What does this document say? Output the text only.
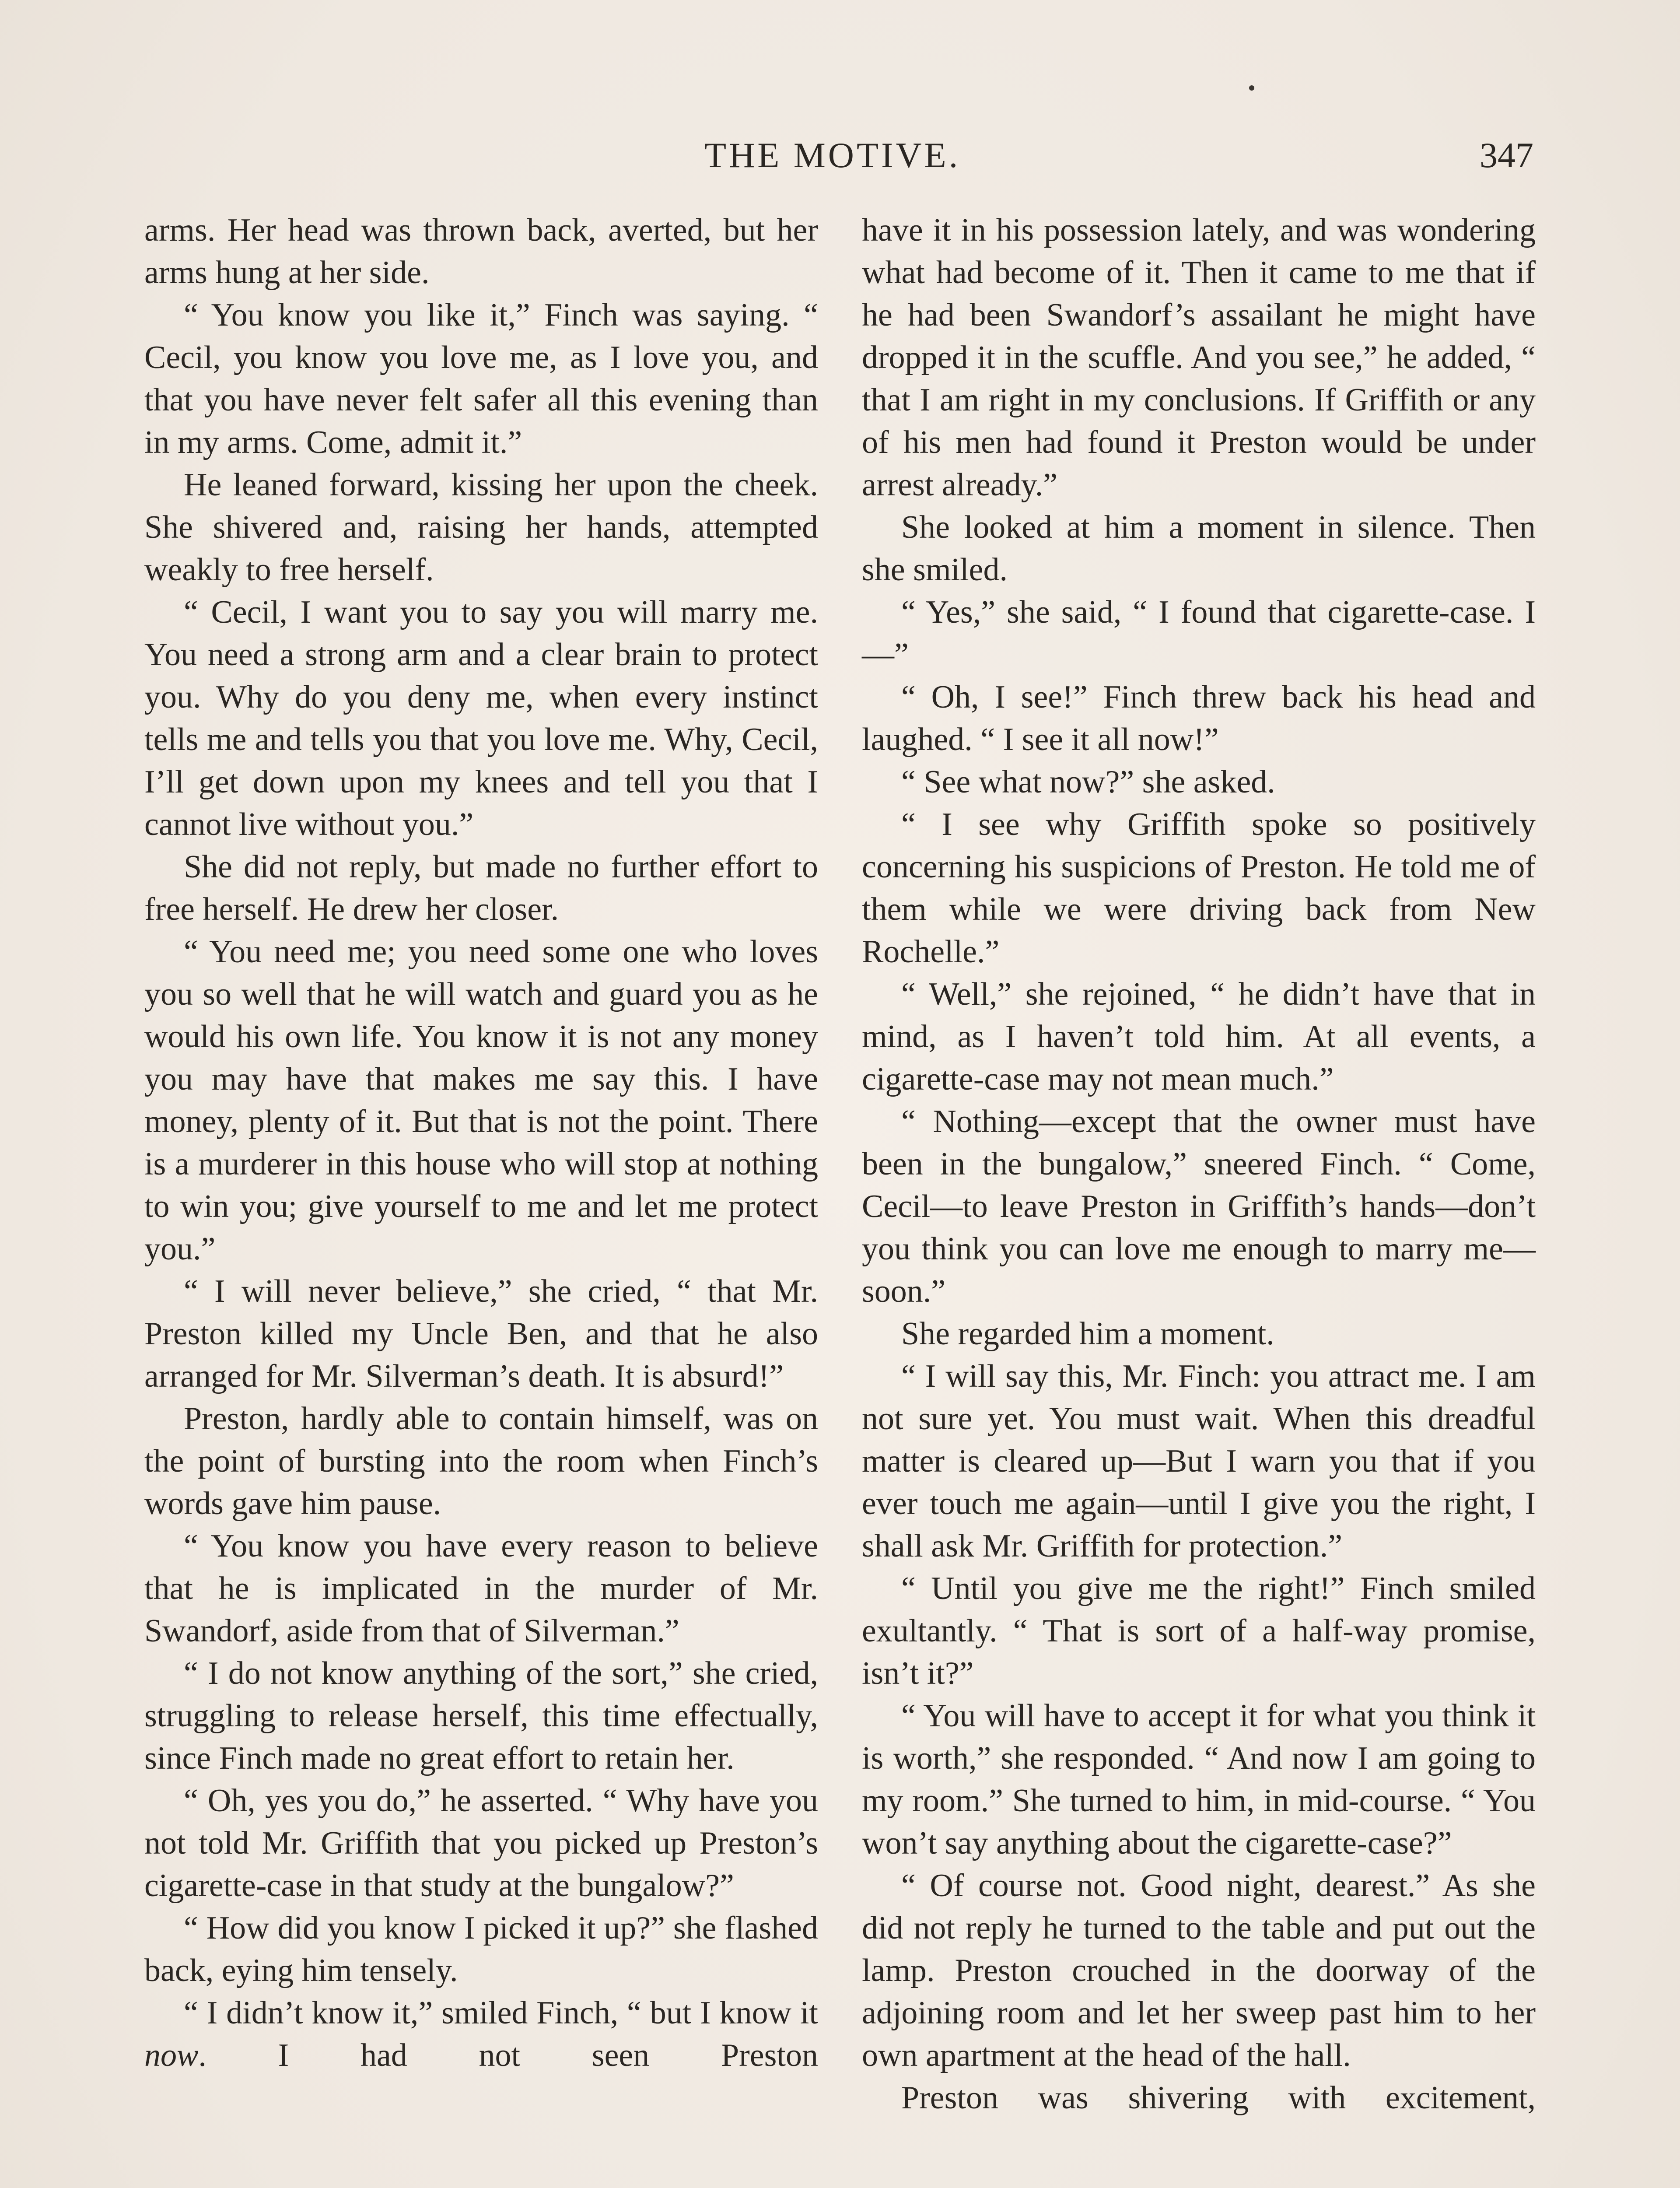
THE MOTIVE.	347

arms. Her head was thrown back, averted, but her arms hung at her side.

“ You know you like it,” Finch was saying. “ Cecil, you know you love me, as I love you, and that you have never felt safer all this evening than in my arms. Come, admit it.”

He leaned forward, kissing her upon the cheek. She shivered and, raising her hands, attempted weakly to free herself.

“ Cecil, I want you to say you will marry me. You need a strong arm and a clear brain to protect you. Why do you deny me, when every instinct tells me and tells you that you love me. Why, Cecil, I’ll get down upon my knees and tell you that I cannot live without you.”

She did not reply, but made no further effort to free herself. He drew her closer.

“ You need me; you need some one who loves you so well that he will watch and guard you as he would his own life. You know it is not any money you may have that makes me say this. I have money, plenty of it. But that is not the point. There is a murderer in this house who will stop at nothing to win you; give yourself to me and let me protect you.”

“ I will never believe,” she cried, “ that Mr. Preston killed my Uncle Ben, and that he also arranged for Mr. Silverman’s death. It is absurd!”

Preston, hardly able to contain himself, was on the point of bursting into the room when Finch’s words gave him pause.

“ You know you have every reason to believe that he is implicated in the murder of Mr. Swandorf, aside from that of Silverman.”

“ I do not know anything of the sort,” she cried, struggling to release herself, this time effectually, since Finch made no great effort to retain her.

“ Oh, yes you do,” he asserted. “ Why have you not told Mr. Griffith that you picked up Preston’s cigarette-case in that study at the bungalow?”

“ How did you know I picked it up?” she flashed back, eying him tensely.

“ I didn’t know it,” smiled Finch, “ but I know it now. I had not seen Preston

have it in his possession lately, and was wondering what had become of it. Then it came to me that if he had been Swandorf’s assailant he might have dropped it in the scuffle. And you see,” he added, “ that I am right in my conclusions. If Griffith or any of his men had found it Preston would be under arrest already.”

She looked at him a moment in silence. Then she smiled.

“ Yes,” she said, “ I found that cigarette-case. I—”

“ Oh, I see!” Finch threw back his head and laughed. “ I see it all now!”

“ See what now?” she asked.

“ I see why Griffith spoke so positively concerning his suspicions of Preston. He told me of them while we were driving back from New Rochelle.”

“ Well,” she rejoined, “ he didn’t have that in mind, as I haven’t told him. At all events, a cigarette-case may not mean much.”

“ Nothing—except that the owner must have been in the bungalow,” sneered Finch. “ Come, Cecil—to leave Preston in Griffith’s hands—don’t you think you can love me enough to marry me—soon.”

She regarded him a moment.

“ I will say this, Mr. Finch: you attract me. I am not sure yet. You must wait. When this dreadful matter is cleared up—But I warn you that if you ever touch me again—until I give you the right, I shall ask Mr. Griffith for protection.”

“ Until you give me the right!” Finch smiled exultantly. “ That is sort of a half-way promise, isn’t it?”

“ You will have to accept it for what you think it is worth,” she responded. “ And now I am going to my room.” She turned to him, in mid-course. “ You won’t say anything about the cigarette-case?”

“ Of course not. Good night, dearest.” As she did not reply he turned to the table and put out the lamp. Preston crouched in the doorway of the adjoining room and let her sweep past him to her own apartment at the head of the hall.

Preston was shivering with excitement,
